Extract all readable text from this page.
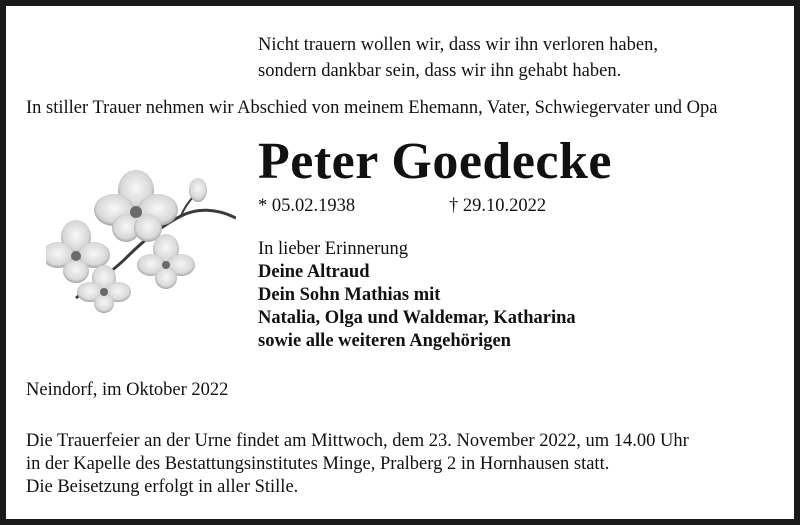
Nicht trauern wollen wir, dass wir ihn verloren haben,
sondern dankbar sein, dass wir ihn gehabt haben.
In stiller Trauer nehmen wir Abschied von meinem Ehemann, Vater, Schwiegervater und Opa
Peter Goedecke
* 05.02.1938	† 29.10.2022
In lieber Erinnerung
Deine Altraud
Dein Sohn Mathias mit
Natalia, Olga und Waldemar, Katharina
sowie alle weiteren Angehörigen
Neindorf, im Oktober 2022
Die Trauerfeier an der Urne findet am Mittwoch, dem 23. November 2022, um 14.00 Uhr
in der Kapelle des Bestattungsinstitutes Minge, Pralberg 2 in Hornhausen statt.
Die Beisetzung erfolgt in aller Stille.
